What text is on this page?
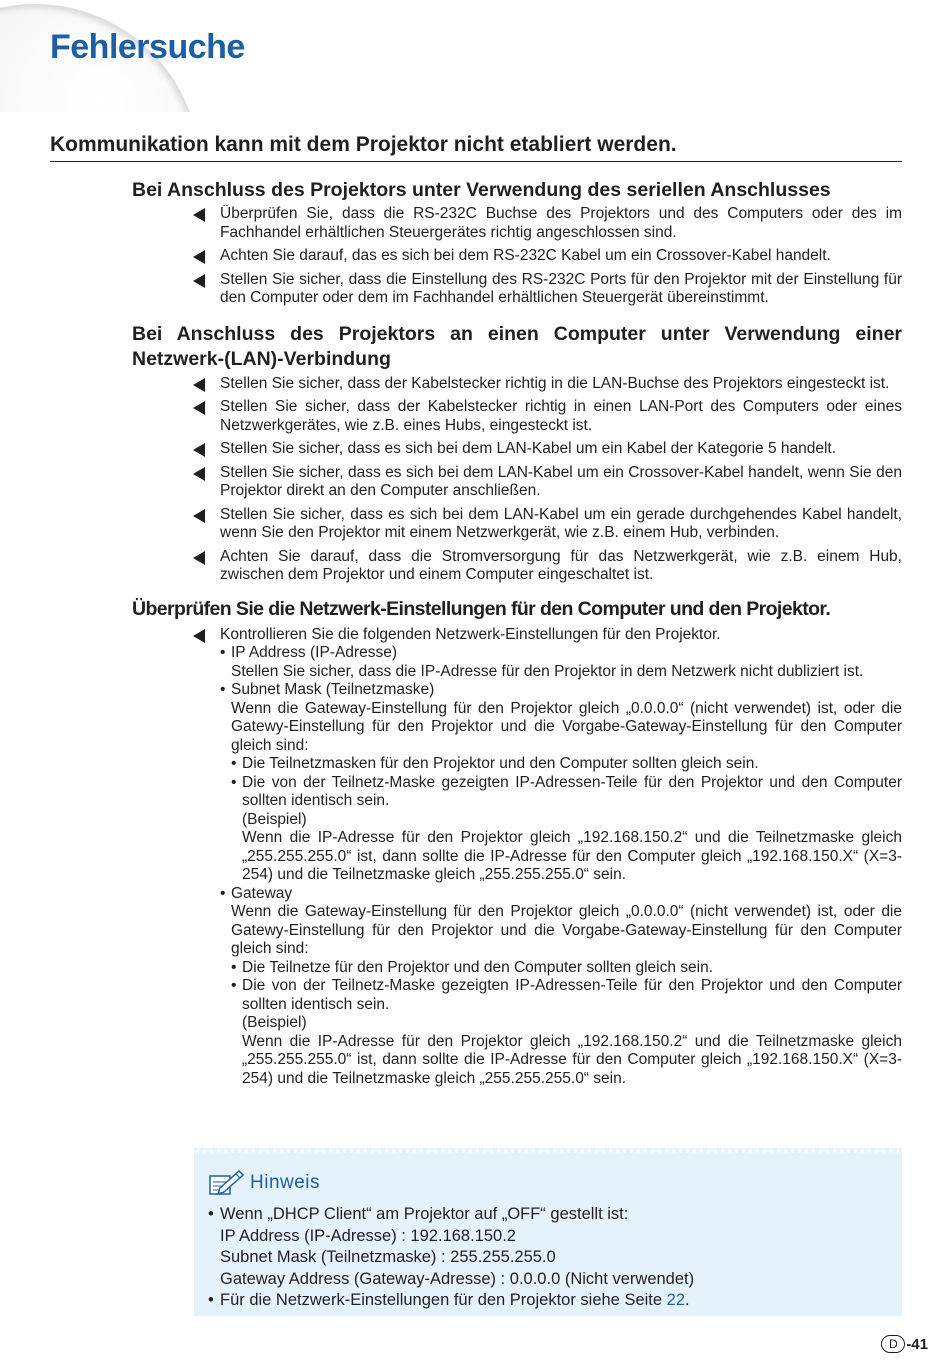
Fehlersuche
Kommunikation kann mit dem Projektor nicht etabliert werden.
Bei Anschluss des Projektors unter Verwendung des seriellen Anschlusses
Überprüfen Sie, dass die RS-232C Buchse des Projektors und des Computers oder des im Fachhandel erhältlichen Steuergerätes richtig angeschlossen sind.
Achten Sie darauf, das es sich bei dem RS-232C Kabel um ein Crossover-Kabel handelt.
Stellen Sie sicher, dass die Einstellung des RS-232C Ports für den Projektor mit der Einstellung für den Computer oder dem im Fachhandel erhältlichen Steuergerät übereinstimmt.
Bei Anschluss des Projektors an einen Computer unter Verwendung einer Netzwerk-(LAN)-Verbindung
Stellen Sie sicher, dass der Kabelstecker richtig in die LAN-Buchse des Projektors eingesteckt ist.
Stellen Sie sicher, dass der Kabelstecker richtig in einen LAN-Port des Computers oder eines Netzwerkgerätes, wie z.B. eines Hubs, eingesteckt ist.
Stellen Sie sicher, dass es sich bei dem LAN-Kabel um ein Kabel der Kategorie 5 handelt.
Stellen Sie sicher, dass es sich bei dem LAN-Kabel um ein Crossover-Kabel handelt, wenn Sie den Projektor direkt an den Computer anschließen.
Stellen Sie sicher, dass es sich bei dem LAN-Kabel um ein gerade durchgehendes Kabel handelt, wenn Sie den Projektor mit einem Netzwerkgerät, wie z.B. einem Hub, verbinden.
Achten Sie darauf, dass die Stromversorgung für das Netzwerkgerät, wie z.B. einem Hub, zwischen dem Projektor und einem Computer eingeschaltet ist.
Überprüfen Sie die Netzwerk-Einstellungen für den Computer und den Projektor.
Kontrollieren Sie die folgenden Netzwerk-Einstellungen für den Projektor.
• IP Address (IP-Adresse)
Stellen Sie sicher, dass die IP-Adresse für den Projektor in dem Netzwerk nicht dubliziert ist.
• Subnet Mask (Teilnetzmaske)
Wenn die Gateway-Einstellung für den Projektor gleich „0.0.0.0“ (nicht verwendet) ist, oder die Gatewy-Einstellung für den Projektor und die Vorgabe-Gateway-Einstellung für den Computer gleich sind:
• Die Teilnetzmasken für den Projektor und den Computer sollten gleich sein.
• Die von der Teilnetz-Maske gezeigten IP-Adressen-Teile für den Projektor und den Computer sollten identisch sein.
(Beispiel)
Wenn die IP-Adresse für den Projektor gleich „192.168.150.2“ und die Teilnetzmaske gleich „255.255.255.0“ ist, dann sollte die IP-Adresse für den Computer gleich „192.168.150.X“ (X=3-254) und die Teilnetzmaske gleich „255.255.255.0“ sein.
• Gateway
Wenn die Gateway-Einstellung für den Projektor gleich „0.0.0.0“ (nicht verwendet) ist, oder die Gatewy-Einstellung für den Projektor und die Vorgabe-Gateway-Einstellung für den Computer gleich sind:
• Die Teilnetze für den Projektor und den Computer sollten gleich sein.
• Die von der Teilnetz-Maske gezeigten IP-Adressen-Teile für den Projektor und den Computer sollten identisch sein.
(Beispiel)
Wenn die IP-Adresse für den Projektor gleich „192.168.150.2“ und die Teilnetzmaske gleich „255.255.255.0“ ist, dann sollte die IP-Adresse für den Computer gleich „192.168.150.X“ (X=3-254) und die Teilnetzmaske gleich „255.255.255.0“ sein.
Hinweis
• Wenn „DHCP Client“ am Projektor auf „OFF“ gestellt ist:
IP Address (IP-Adresse) : 192.168.150.2
Subnet Mask (Teilnetzmaske) : 255.255.255.0
Gateway Address (Gateway-Adresse) : 0.0.0.0 (Nicht verwendet)
• Für die Netzwerk-Einstellungen für den Projektor siehe Seite 22.
D -41
